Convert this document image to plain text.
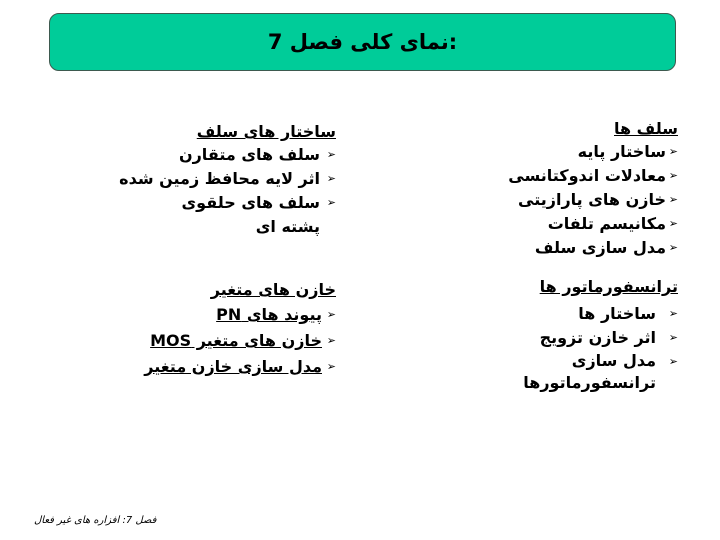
:نمای کلی فصل 7
سلف ها
➢
ساختار پایه
➢
معادلات اندوکتانسی
➢
خازن های پارازیتی
➢
مکانیسم تلفات
➢
مدل سازی سلف
ترانسفورماتور ها
➢
ساختار ها
➢
اثر خازن تزویج
➢
مدل سازی ترانسفورماتورها
ساختار های سلف
➢
سلف های متقارن
➢
اثر لایه محافظ زمین شده
➢
سلف های حلقوی پشته ای
خازن های متغیر
➢
پیوند های PN
➢
خازن های متغیر MOS
➢
مدل سازی خازن متغیر
فصل 7: افزاره های غیر فعال
